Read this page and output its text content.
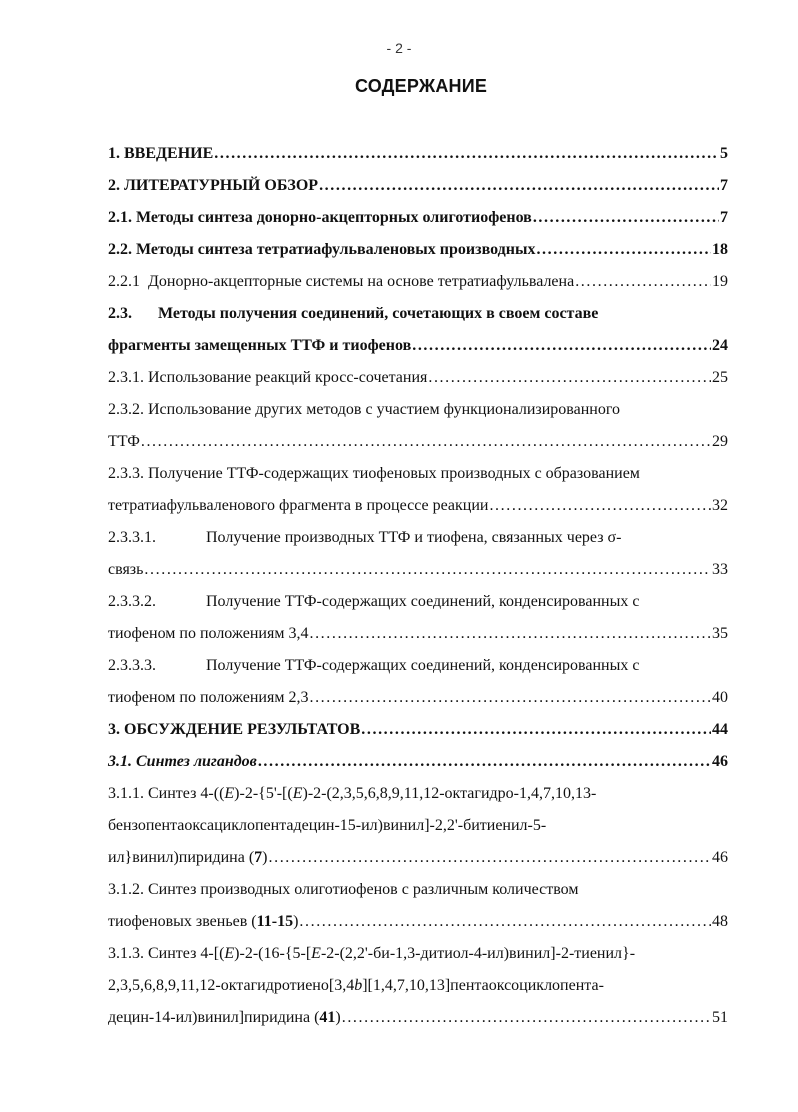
- 2 -
СОДЕРЖАНИЕ
1. ВВЕДЕНИЕ . . .	5
2. ЛИТЕРАТУРНЫЙ ОБЗОР . . .	7
2.1. Методы синтеза донорно-акцепторных олиготиофенов . . .	7
2.2. Методы синтеза тетратиафульваленовых производных . . .	18
2.2.1 Донорно-акцепторные системы на основе тетратиафульвалена . . .	19
2.3. Методы получения соединений, сочетающих в своем составе
фрагменты замещенных ТТФ и тиофенов . . .	24
2.3.1. Использование реакций кросс-сочетания . . .	25
2.3.2. Использование других методов с участием функционализированного
ТТФ . . .	29
2.3.3. Получение ТТФ-содержащих тиофеновых производных с образованием
тетратиафульваленового фрагмента в процессе реакции . . .	32
2.3.3.1.	Получение производных ТТФ и тиофена, связанных через σ-
связь . . .	33
2.3.3.2.	Получение ТТФ-содержащих соединений, конденсированных с
тиофеном по положениям 3,4 . . .	35
2.3.3.3.	Получение ТТФ-содержащих соединений, конденсированных с
тиофеном по положениям 2,3 . . .	40
3. ОБСУЖДЕНИЕ РЕЗУЛЬТАТОВ . . .	44
3.1. Синтез лигандов . . .	46
3.1.1. Синтез 4-((E)-2-{5'-[(E)-2-(2,3,5,6,8,9,11,12-октагидро-1,4,7,10,13-
бензопентаоксациклопентадецин-15-ил)винил]-2,2'-битиенил-5-
ил}винил)пиридина (7) . . .	46
3.1.2. Синтез производных олиготиофенов с различным количеством
тиофеновых звеньев (11-15) . . .	48
3.1.3. Синтез 4-[(E)-2-(16-{5-[E-2-(2,2'-би-1,3-дитиол-4-ил)винил]-2-тиенил}-
2,3,5,6,8,9,11,12-октагидротиено[3,4b][1,4,7,10,13]пентаоксоциклопента-
децин-14-ил)винил]пиридина (41) . . .	51
